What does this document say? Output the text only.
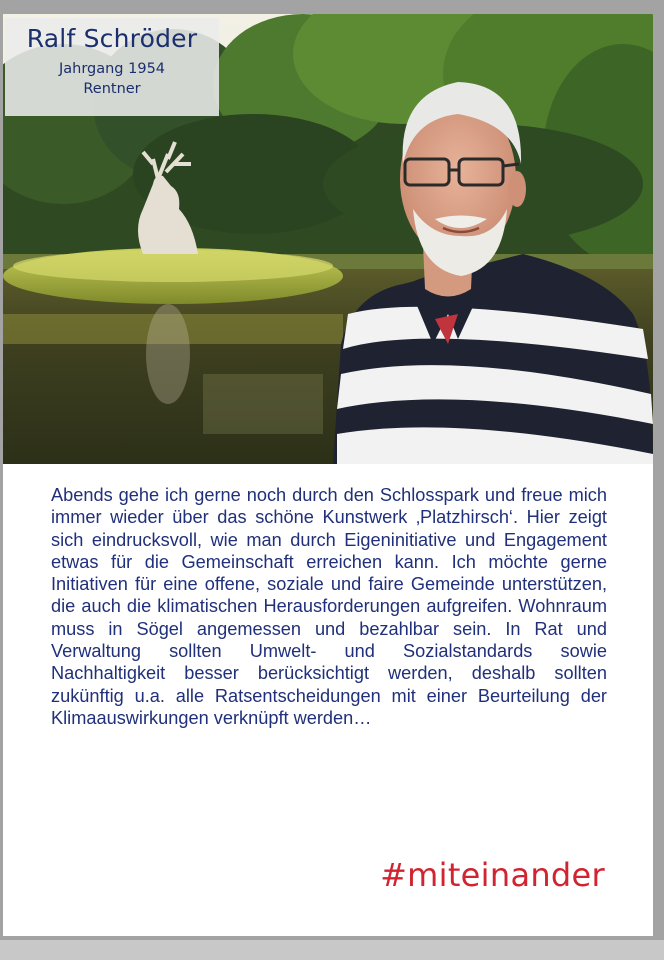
Ralf Schröder
Jahrgang 1954
Rentner
Abends gehe ich gerne noch durch den Schlosspark und freue mich immer wieder über das schöne Kunstwerk ‚Platzhirsch‘. Hier zeigt sich eindrucksvoll, wie man durch Eigeninitiative und Engagement etwas für die Gemeinschaft erreichen kann. Ich möchte gerne Initiativen für eine offene, soziale und faire Gemeinde unterstützen, die auch die klimatischen Herausforderungen aufgreifen. Wohnraum muss in Sögel angemessen und bezahlbar sein. In Rat und Verwaltung sollten Umwelt- und Sozialstandards sowie Nachhaltigkeit besser berücksichtigt werden, deshalb sollten zukünftig u.a. alle Ratsentscheidungen mit einer Beurteilung der Klimaauswirkungen verknüpft werden…
#miteinander
